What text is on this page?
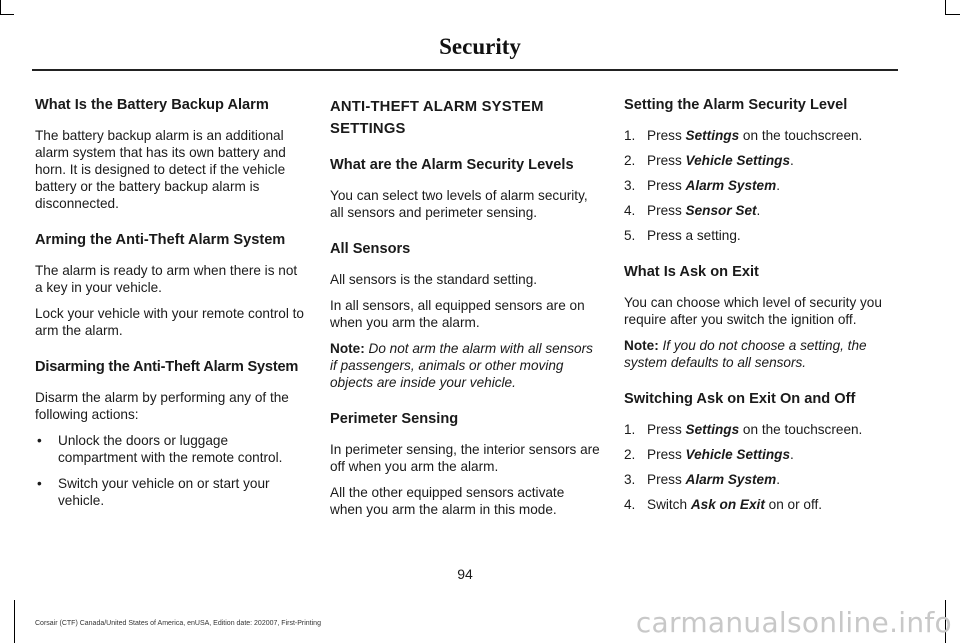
Security
What Is the Battery Backup Alarm

The battery backup alarm is an additional alarm system that has its own battery and horn. It is designed to detect if the vehicle battery or the battery backup alarm is disconnected.

Arming the Anti-Theft Alarm System

The alarm is ready to arm when there is not a key in your vehicle.

Lock your vehicle with your remote control to arm the alarm.

Disarming the Anti-Theft Alarm System

Disarm the alarm by performing any of the following actions:

• Unlock the doors or luggage compartment with the remote control.
• Switch your vehicle on or start your vehicle.
ANTI-THEFT ALARM SYSTEM SETTINGS
What are the Alarm Security Levels

You can select two levels of alarm security, all sensors and perimeter sensing.

All Sensors

All sensors is the standard setting.

In all sensors, all equipped sensors are on when you arm the alarm.

Note: Do not arm the alarm with all sensors if passengers, animals or other moving objects are inside your vehicle.

Perimeter Sensing

In perimeter sensing, the interior sensors are off when you arm the alarm.

All the other equipped sensors activate when you arm the alarm in this mode.

Setting the Alarm Security Level
1. Press Settings on the touchscreen.
2. Press Vehicle Settings.
3. Press Alarm System.
4. Press Sensor Set.
5. Press a setting.
What Is Ask on Exit

You can choose which level of security you require after you switch the ignition off.

Note: If you do not choose a setting, the system defaults to all sensors.

Switching Ask on Exit On and Off
1. Press Settings on the touchscreen.
2. Press Vehicle Settings.
3. Press Alarm System.
4. Switch Ask on Exit on or off.
94
Corsair (CTF) Canada/United States of America, enUSA, Edition date: 202007, First-Printing	carmanualsonline.info
